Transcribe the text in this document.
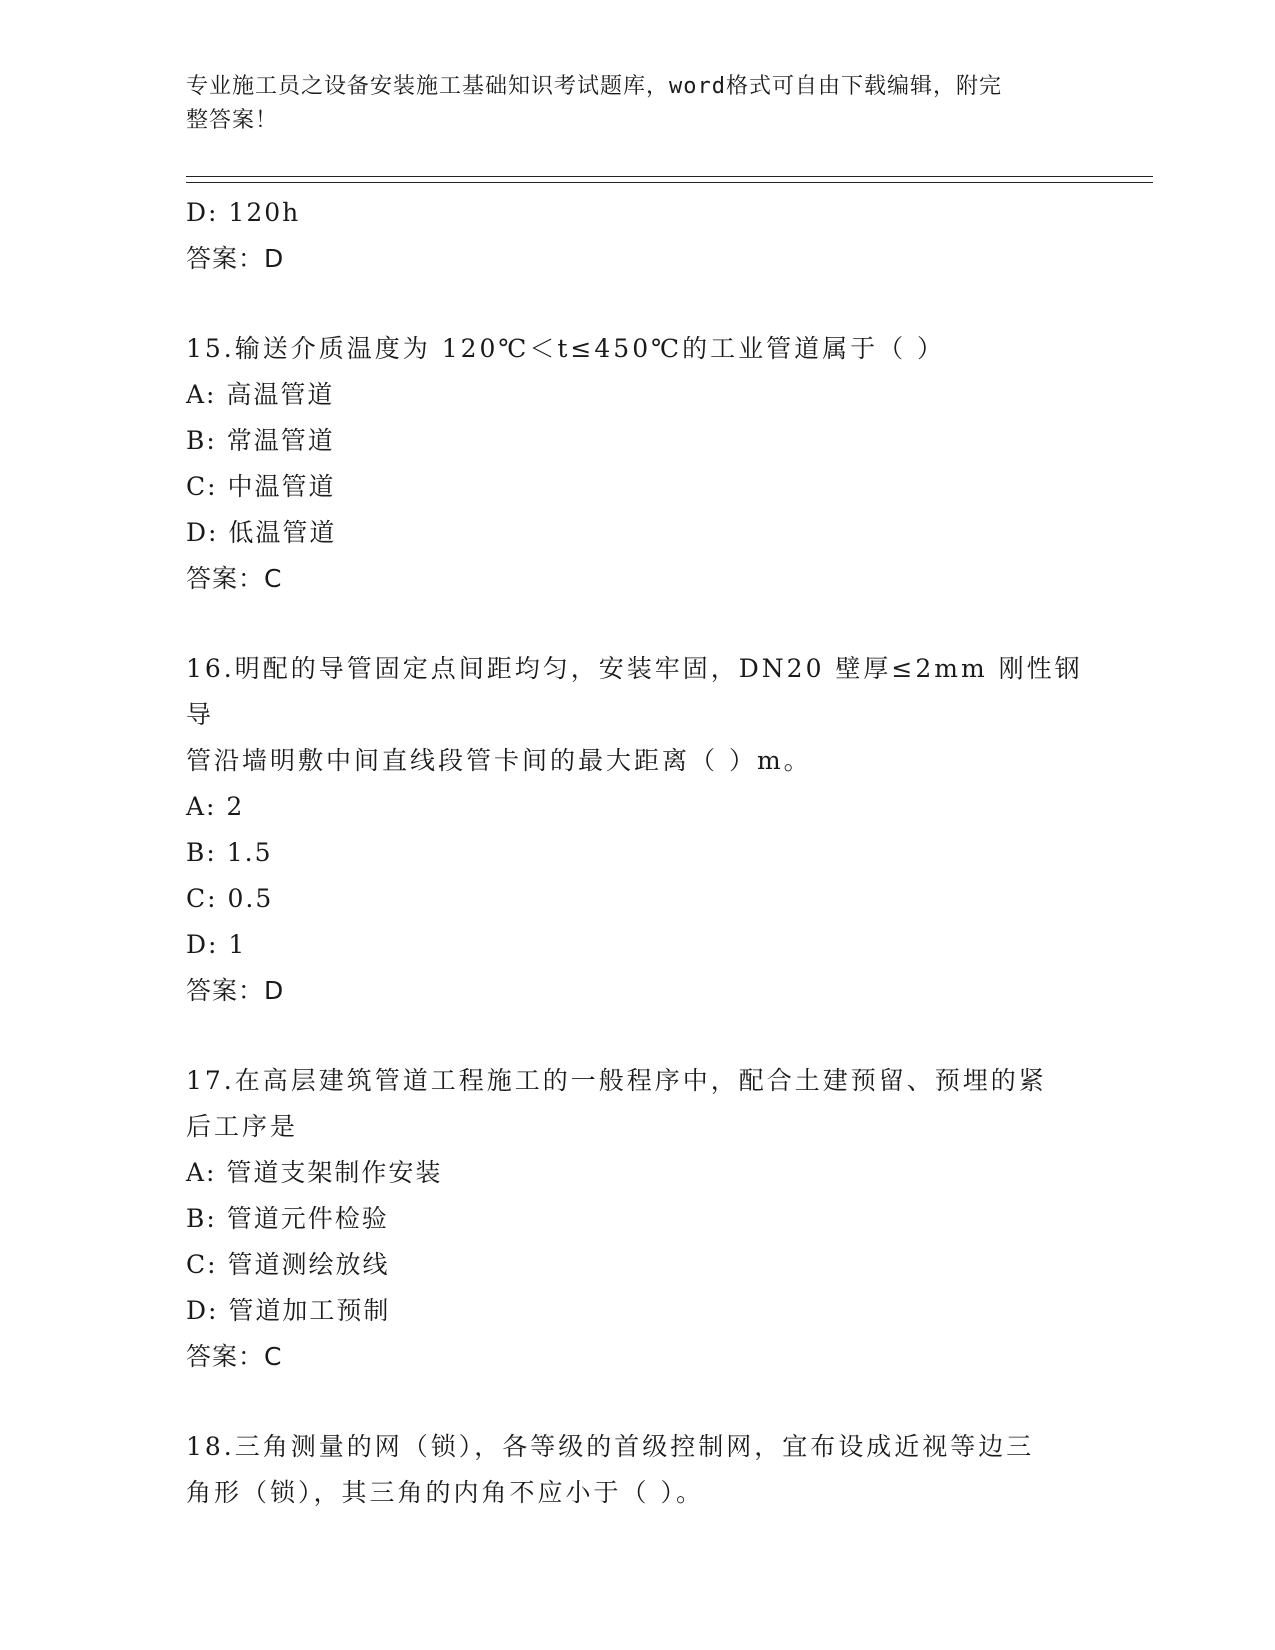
专业施工员之设备安装施工基础知识考试题库，word格式可自由下载编辑，附完
整答案！
D: 120h
答案：D
15.输送介质温度为 120℃＜t≤450℃的工业管道属于（ ）
A: 高温管道
B: 常温管道
C: 中温管道
D: 低温管道
答案：C
16.明配的导管固定点间距均匀，安装牢固，DN20 壁厚≤2mm 刚性钢导
管沿墙明敷中间直线段管卡间的最大距离（ ）m。
A: 2
B: 1.5
C: 0.5
D: 1
答案：D
17.在高层建筑管道工程施工的一般程序中，配合土建预留、预埋的紧
后工序是
A: 管道支架制作安装
B: 管道元件检验
C: 管道测绘放线
D: 管道加工预制
答案：C
18.三角测量的网（锁），各等级的首级控制网，宜布设成近视等边三
角形（锁），其三角的内角不应小于（ ）。
